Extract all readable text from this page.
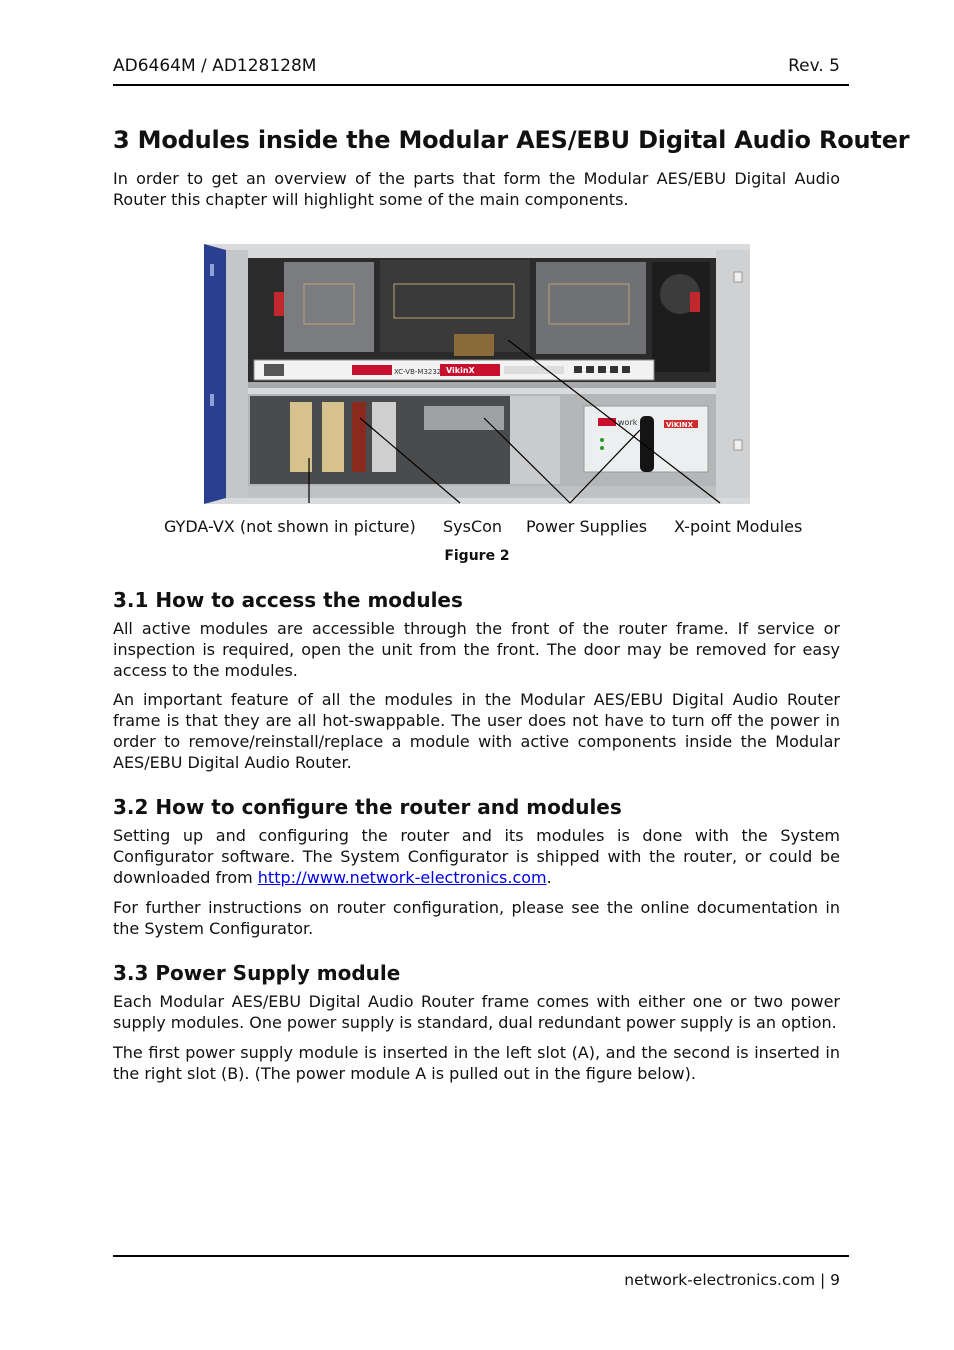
AD6464M / AD128128M	Rev. 5
3 Modules inside the Modular AES/EBU Digital Audio Router

In order to get an overview of the parts that form the Modular AES/EBU Digital Audio Router this chapter will highlight some of the main components.

XC-VB-M3232 VikinX
work	ViKINX
GYDA-VX (not shown in picture) SysCon Power Supplies X-point Modules
Figure 2
3.1 How to access the modules

All active modules are accessible through the front of the router frame. If service or inspection is required, open the unit from the front. The door may be removed for easy access to the modules.

An important feature of all the modules in the Modular AES/EBU Digital Audio Router frame is that they are all hot-swappable. The user does not have to turn off the power in order to remove/reinstall/replace a module with active components inside the Modular AES/EBU Digital Audio Router.

3.2 How to configure the router and modules

Setting up and configuring the router and its modules is done with the System Configurator software. The System Configurator is shipped with the router, or could be downloaded from http://www.network-electronics.com.

For further instructions on router configuration, please see the online documentation in the System Configurator.

3.3 Power Supply module

Each Modular AES/EBU Digital Audio Router frame comes with either one or two power supply modules. One power supply is standard, dual redundant power supply is an option.

The first power supply module is inserted in the left slot (A), and the second is inserted in the right slot (B). (The power module A is pulled out in the figure below).

network-electronics.com | 9
